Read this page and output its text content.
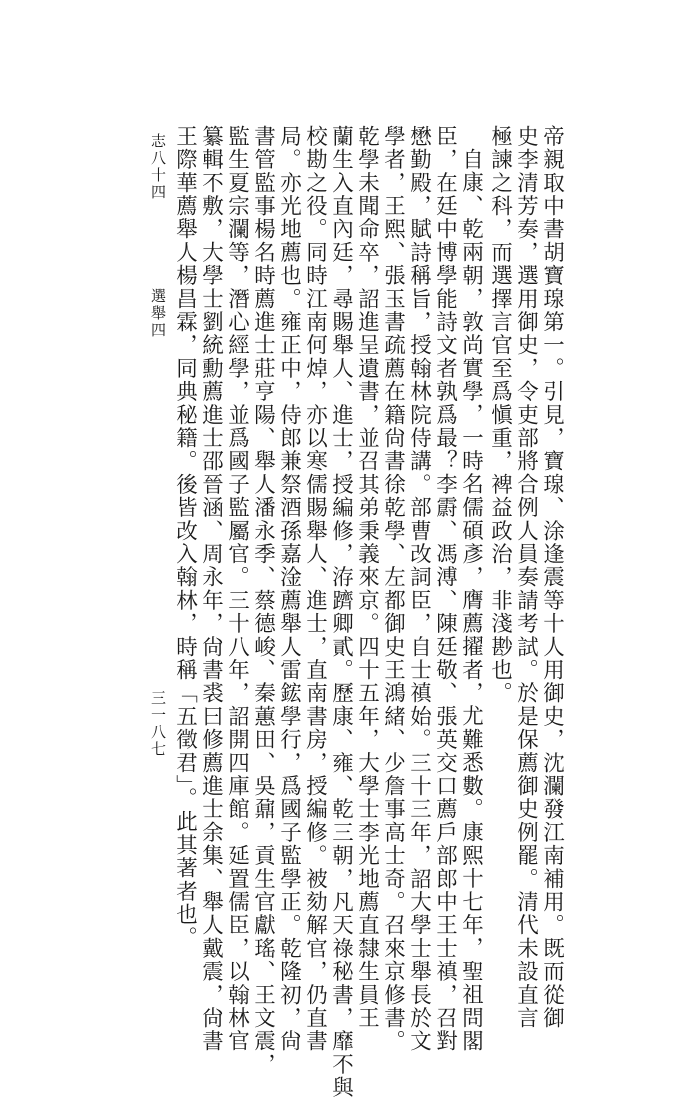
志八十四
選舉四
三一八七	帝親取中書胡寶瑔第一。引見，寶瑔、涂逢震等十人用御史，沈瀾發江南補用。既而從御
史李清芳奏，選用御史，令吏部將合例人員奏請考試。於是保薦御史例罷。清代未設直言
極諫之科，而選擇言官至爲愼重，裨益政治，非淺尠也。
自康、乾兩朝，敦尚實學，一時名儒碩彥，膺薦擢者，尤難悉數。康熙十七年，聖祖問閣
臣，在廷中博學能詩文者孰爲最？李霨、馮溥、陳廷敬、張英交口薦戶部郎中王士禛，召對
懋勤殿，賦詩稱旨，授翰林院侍講。部曹改詞臣，自士禛始。三十三年，詔大學士舉長於文
學者，王熙、張玉書疏薦在籍尙書徐乾學、左都御史王鴻緒、少詹事高士奇。召來京修書。
乾學未聞命卒，詔進呈遺書，並召其弟秉義來京。四十五年，大學士李光地薦直隸生員王
蘭生入直內廷，尋賜舉人、進士，授編修，洊躋卿貳。歷康、雍、乾三朝，凡天祿秘書，靡不與
校勘之役。同時江南何焯，亦以寒儒賜舉人、進士，直南書房，授編修。被劾解官，仍直書
局。亦光地薦也。雍正中，侍郎兼祭酒孫嘉淦薦舉人雷鋐學行，爲國子監學正。乾隆初，尙
書管監事楊名時薦進士莊亨陽、舉人潘永季、蔡德峻、秦蕙田、吳鼐，貢生官獻瑤、王文震，
監生夏宗瀾等，潛心經學，並爲國子監屬官。三十八年，詔開四庫館。延置儒臣，以翰林官
纂輯不敷，大學士劉統勳薦進士邵晉涵、周永年，尙書裘曰修薦進士余集、舉人戴震，尙書
王際華薦舉人楊昌霖，同典秘籍。後皆改入翰林，時稱「五徵君」。此其著者也。
